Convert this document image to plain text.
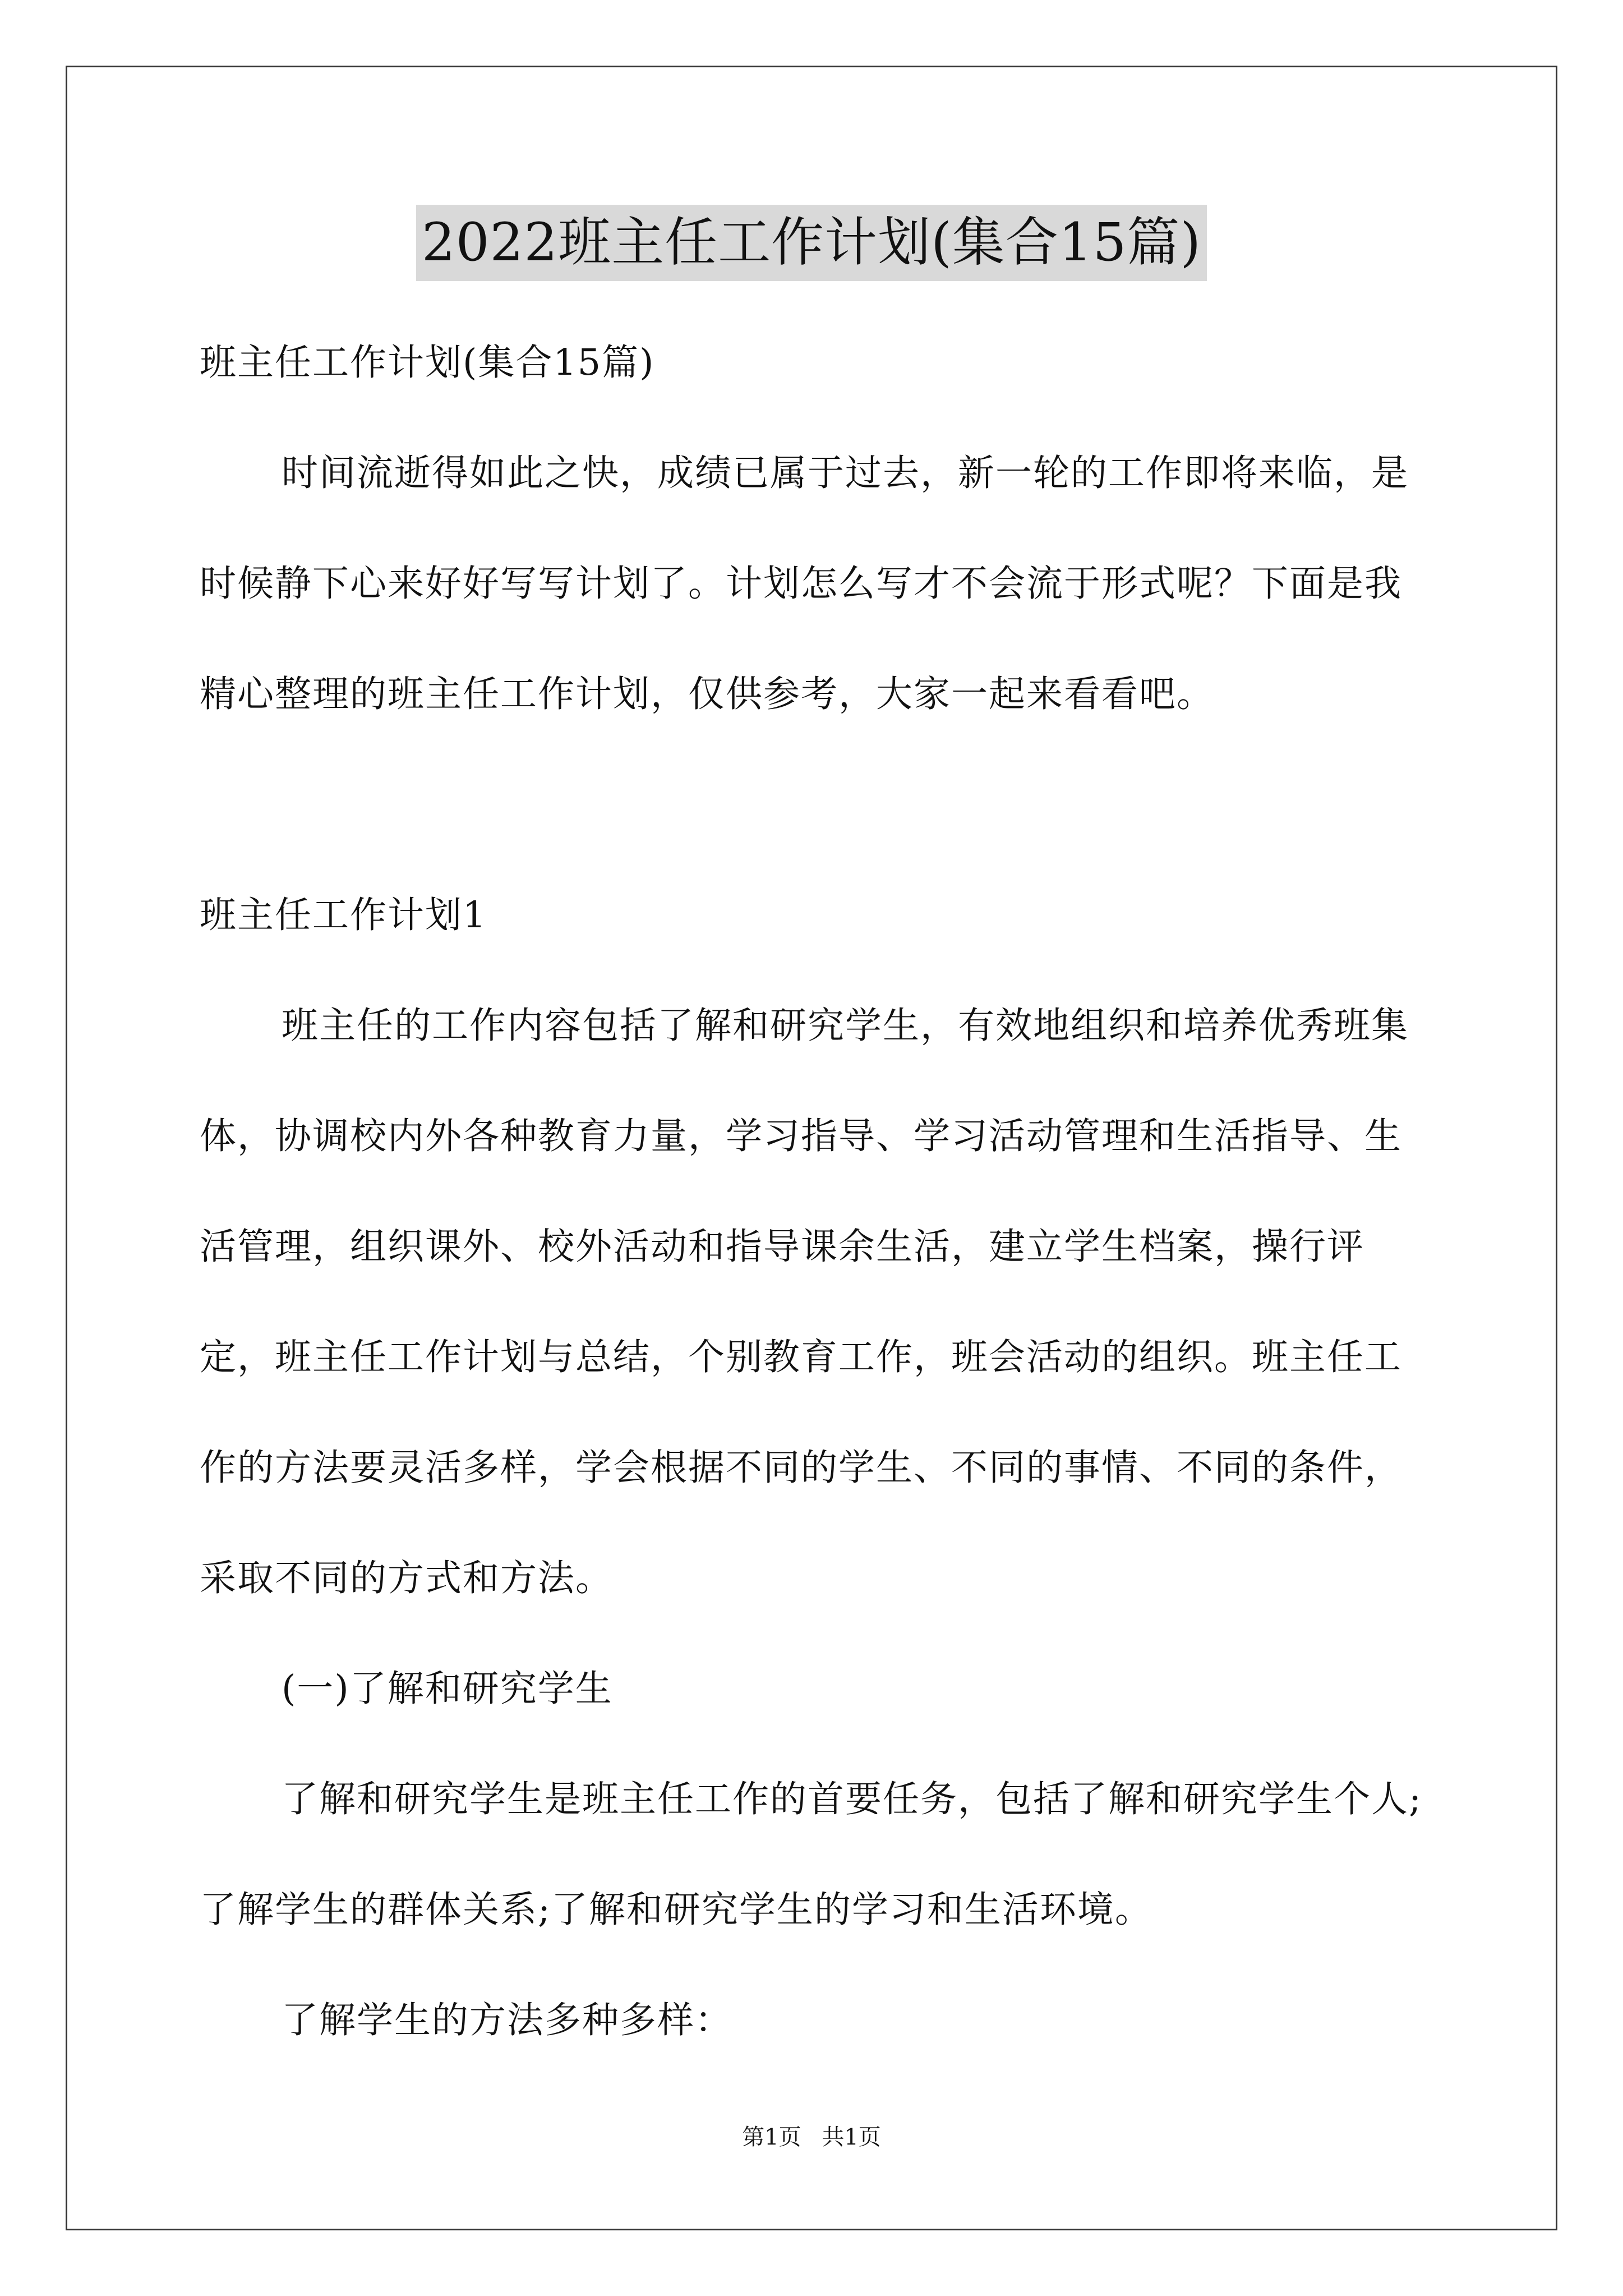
2022班主任工作计划(集合15篇)

班主任工作计划(集合15篇)

时间流逝得如此之快，成绩已属于过去，新一轮的工作即将来临，是时候静下心来好好写写计划了。计划怎么写才不会流于形式呢？下面是我精心整理的班主任工作计划，仅供参考，大家一起来看看吧。

班主任工作计划1

班主任的工作内容包括了解和研究学生，有效地组织和培养优秀班集体，协调校内外各种教育力量，学习指导、学习活动管理和生活指导、生活管理，组织课外、校外活动和指导课余生活，建立学生档案，操行评定，班主任工作计划与总结，个别教育工作，班会活动的组织。班主任工作的方法要灵活多样，学会根据不同的学生、不同的事情、不同的条件，采取不同的方式和方法。

(一)了解和研究学生

了解和研究学生是班主任工作的首要任务，包括了解和研究学生个人;了解学生的群体关系;了解和研究学生的学习和生活环境。

了解学生的方法多种多样：

第1页 共1页
